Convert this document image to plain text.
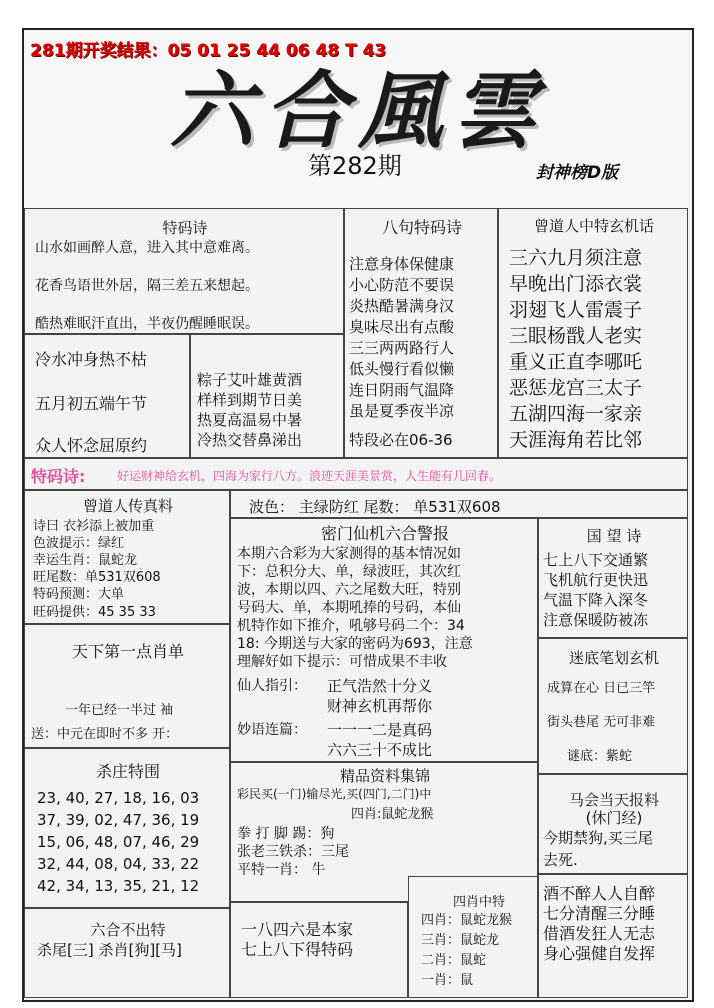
281期开奖结果：05 01 25 44 06 48 T 43
六合風雲
第282期	封神榜D版
特码诗
山水如画醉人意，进入其中意难离。
花香鸟语世外居，隔三差五来想起。
酷热难眠汗直出，半夜仍醒睡眠误。
冷水冲身热不枯
五月初五端午节
众人怀念屈原约
粽子艾叶雄黄酒
样样到期节日美
热夏高温易中暑
冷热交替鼻涕出
八句特码诗
注意身体保健康
小心防范不要误
炎热酷暑满身汉
臭味尽出有点酸
三三两两路行人
低头慢行看似懒
连日阴雨气温降
虽是夏季夜半凉
特段必在06-36
曾道人中特玄机话
三六九月须注意
早晚出门添衣裳
羽翅飞人雷震子
三眼杨戬人老实
重义正直李哪吒
恶惩龙宫三太子
五湖四海一家亲
天涯海角若比邻
特码诗:	好运财神给玄机，四海为家行八方。浪迹天涯美景赏，人生能有几回春。
曾道人传真料
诗曰 衣衫添上被加重
色波提示：绿红
幸运生肖：鼠蛇龙
旺尾数：单531双608
特码预测：大单
旺码提供：45 35 33
天下第一点肖单
一年已经一半过 袖
送：中元在即时不多 开：
杀庄特围
23, 40, 27, 18, 16, 03
37, 39, 02, 47, 36, 19
15, 06, 48, 07, 46, 29
32, 44, 08, 04, 33, 22
42, 34, 13, 35, 21, 12
六合不出特
杀尾[三] 杀肖[狗][马]
波色： 主绿防红 尾数： 单531双608
密门仙机六合警报
本期六合彩为大家测得的基本情况如
下：总积分大、单，绿波旺，其次红
波，本期以四、六之尾数大旺，特别
号码大、单，本期吼捧的号码，本仙
机特作如下推介，吼够号码二个：34
18: 今期送与大家的密码为693，注意
理解好如下提示：可惜成果不丰收
仙人指引： 正气浩然十分义
财神玄机再帮你
妙语连篇： 一一一二是真码
六六三十不成比
精品资料集锦
彩民买(一门)输尽光,买(四门,二门)中
四肖:鼠蛇龙猴
拳 打 脚 踢：狗
张老三铁杀：三尾
平特一肖： 牛
一八四六是本家
七上八下得特码
四肖中特
四肖：鼠蛇龙猴
三肖：鼠蛇龙
二肖：鼠蛇
一肖：鼠
国 望 诗
七上八下交通繁
飞机航行更快迅
气温下降入深冬
注意保暖防被冻
迷底笔划玄机
成算在心 日已三竿
街头巷尾 无可非难
谜底：紫蛇
马会当天报料
(休门经)
今期禁狗,买三尾
去死.
酒不醉人人自醉
七分清醒三分睡
借酒发狂人无志
身心强健自发挥
